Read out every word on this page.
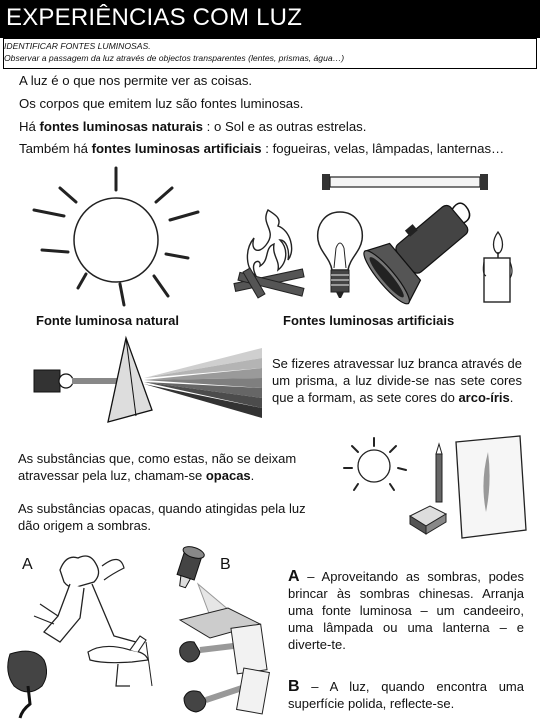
EXPERIÊNCIAS COM LUZ
IDENTIFICAR FONTES LUMINOSAS.
Observar a passagem da luz através de objectos transparentes (lentes, prismas, água…)
A luz é o que nos permite ver as coisas.
Os corpos que emitem luz são fontes luminosas.
Há fontes luminosas naturais : o Sol e as outras estrelas.
Também há fontes luminosas artificiais : fogueiras, velas, lâmpadas, lanternas…
Fonte luminosa natural	Fontes luminosas artificiais
Se fizeres atravessar luz branca através de um prisma, a luz divide-se nas sete cores que a formam, as sete cores do arco-íris.
As substâncias que, como estas, não se deixam atravessar pela luz, chamam-se opacas.
As substâncias opacas, quando atingidas pela luz dão origem a sombras.
A	B
A – Aproveitando as sombras, podes brincar às sombras chinesas. Arranja uma fonte luminosa – um candeeiro, uma lâmpada ou uma lanterna – e diverte-te.
B – A luz, quando encontra uma superfície polida, reflecte-se.
